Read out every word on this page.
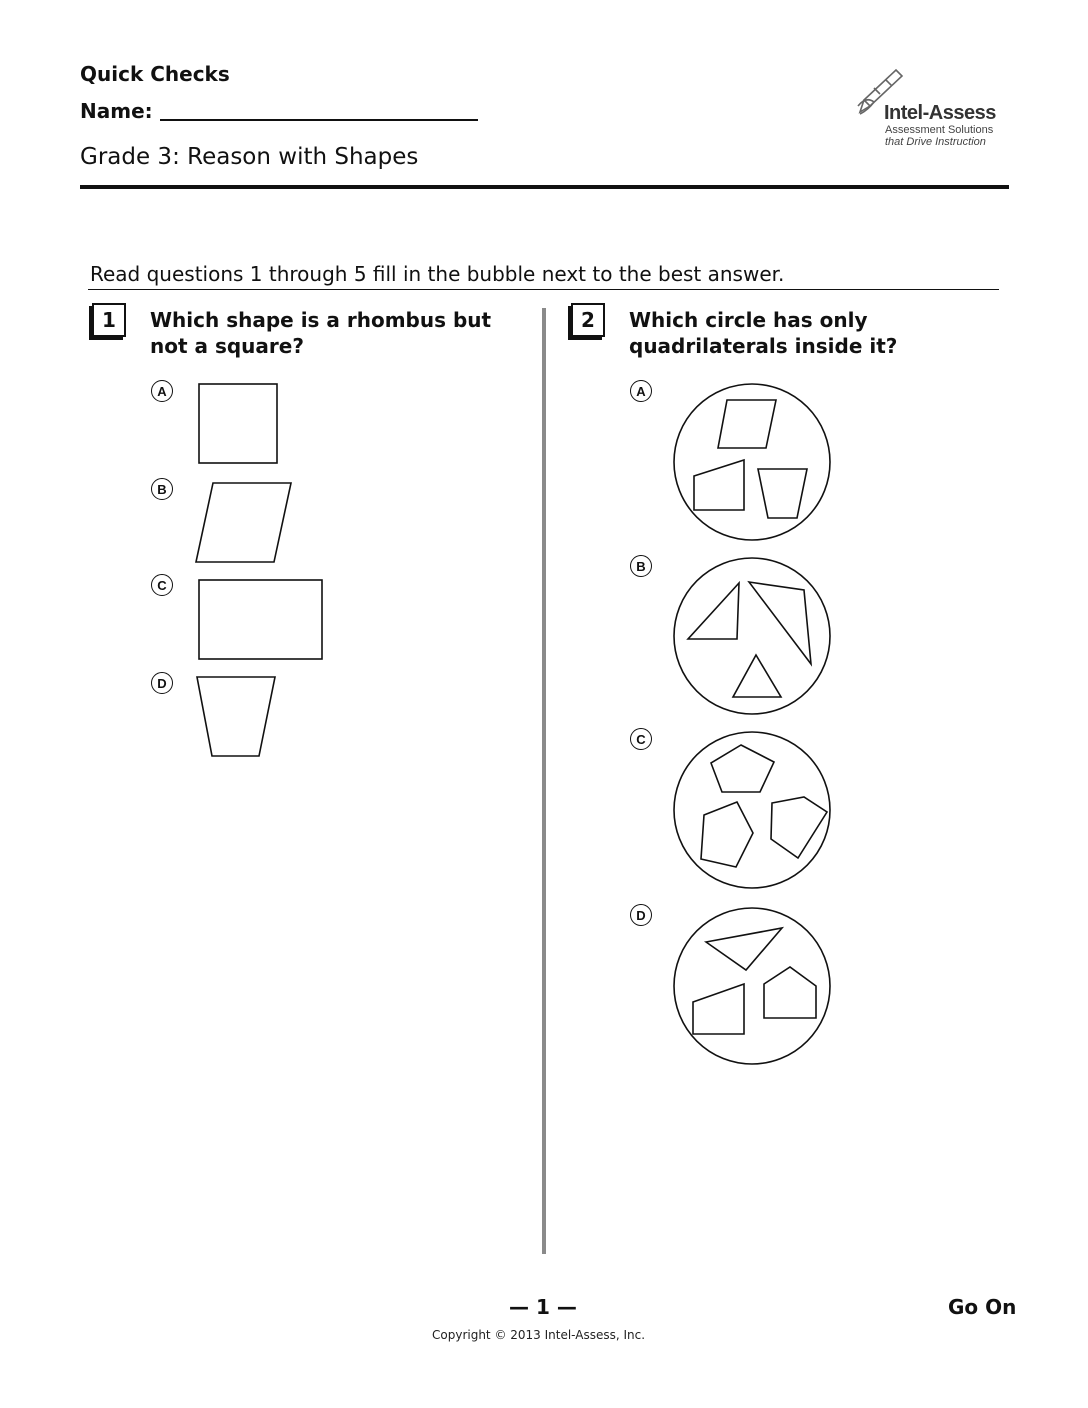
Quick Checks
Name:
Grade 3: Reason with Shapes
Intel-Assess
Assessment Solutions
that Drive Instruction
Read questions 1 through 5 fill in the bubble next to the best answer.
1	Which shape is a rhombus but
not a square?
A
B
C
D
2	Which circle has only
quadrilaterals inside it?
A
B
C
D
— 1 —	Go On
Copyright © 2013 Intel-Assess, Inc.
